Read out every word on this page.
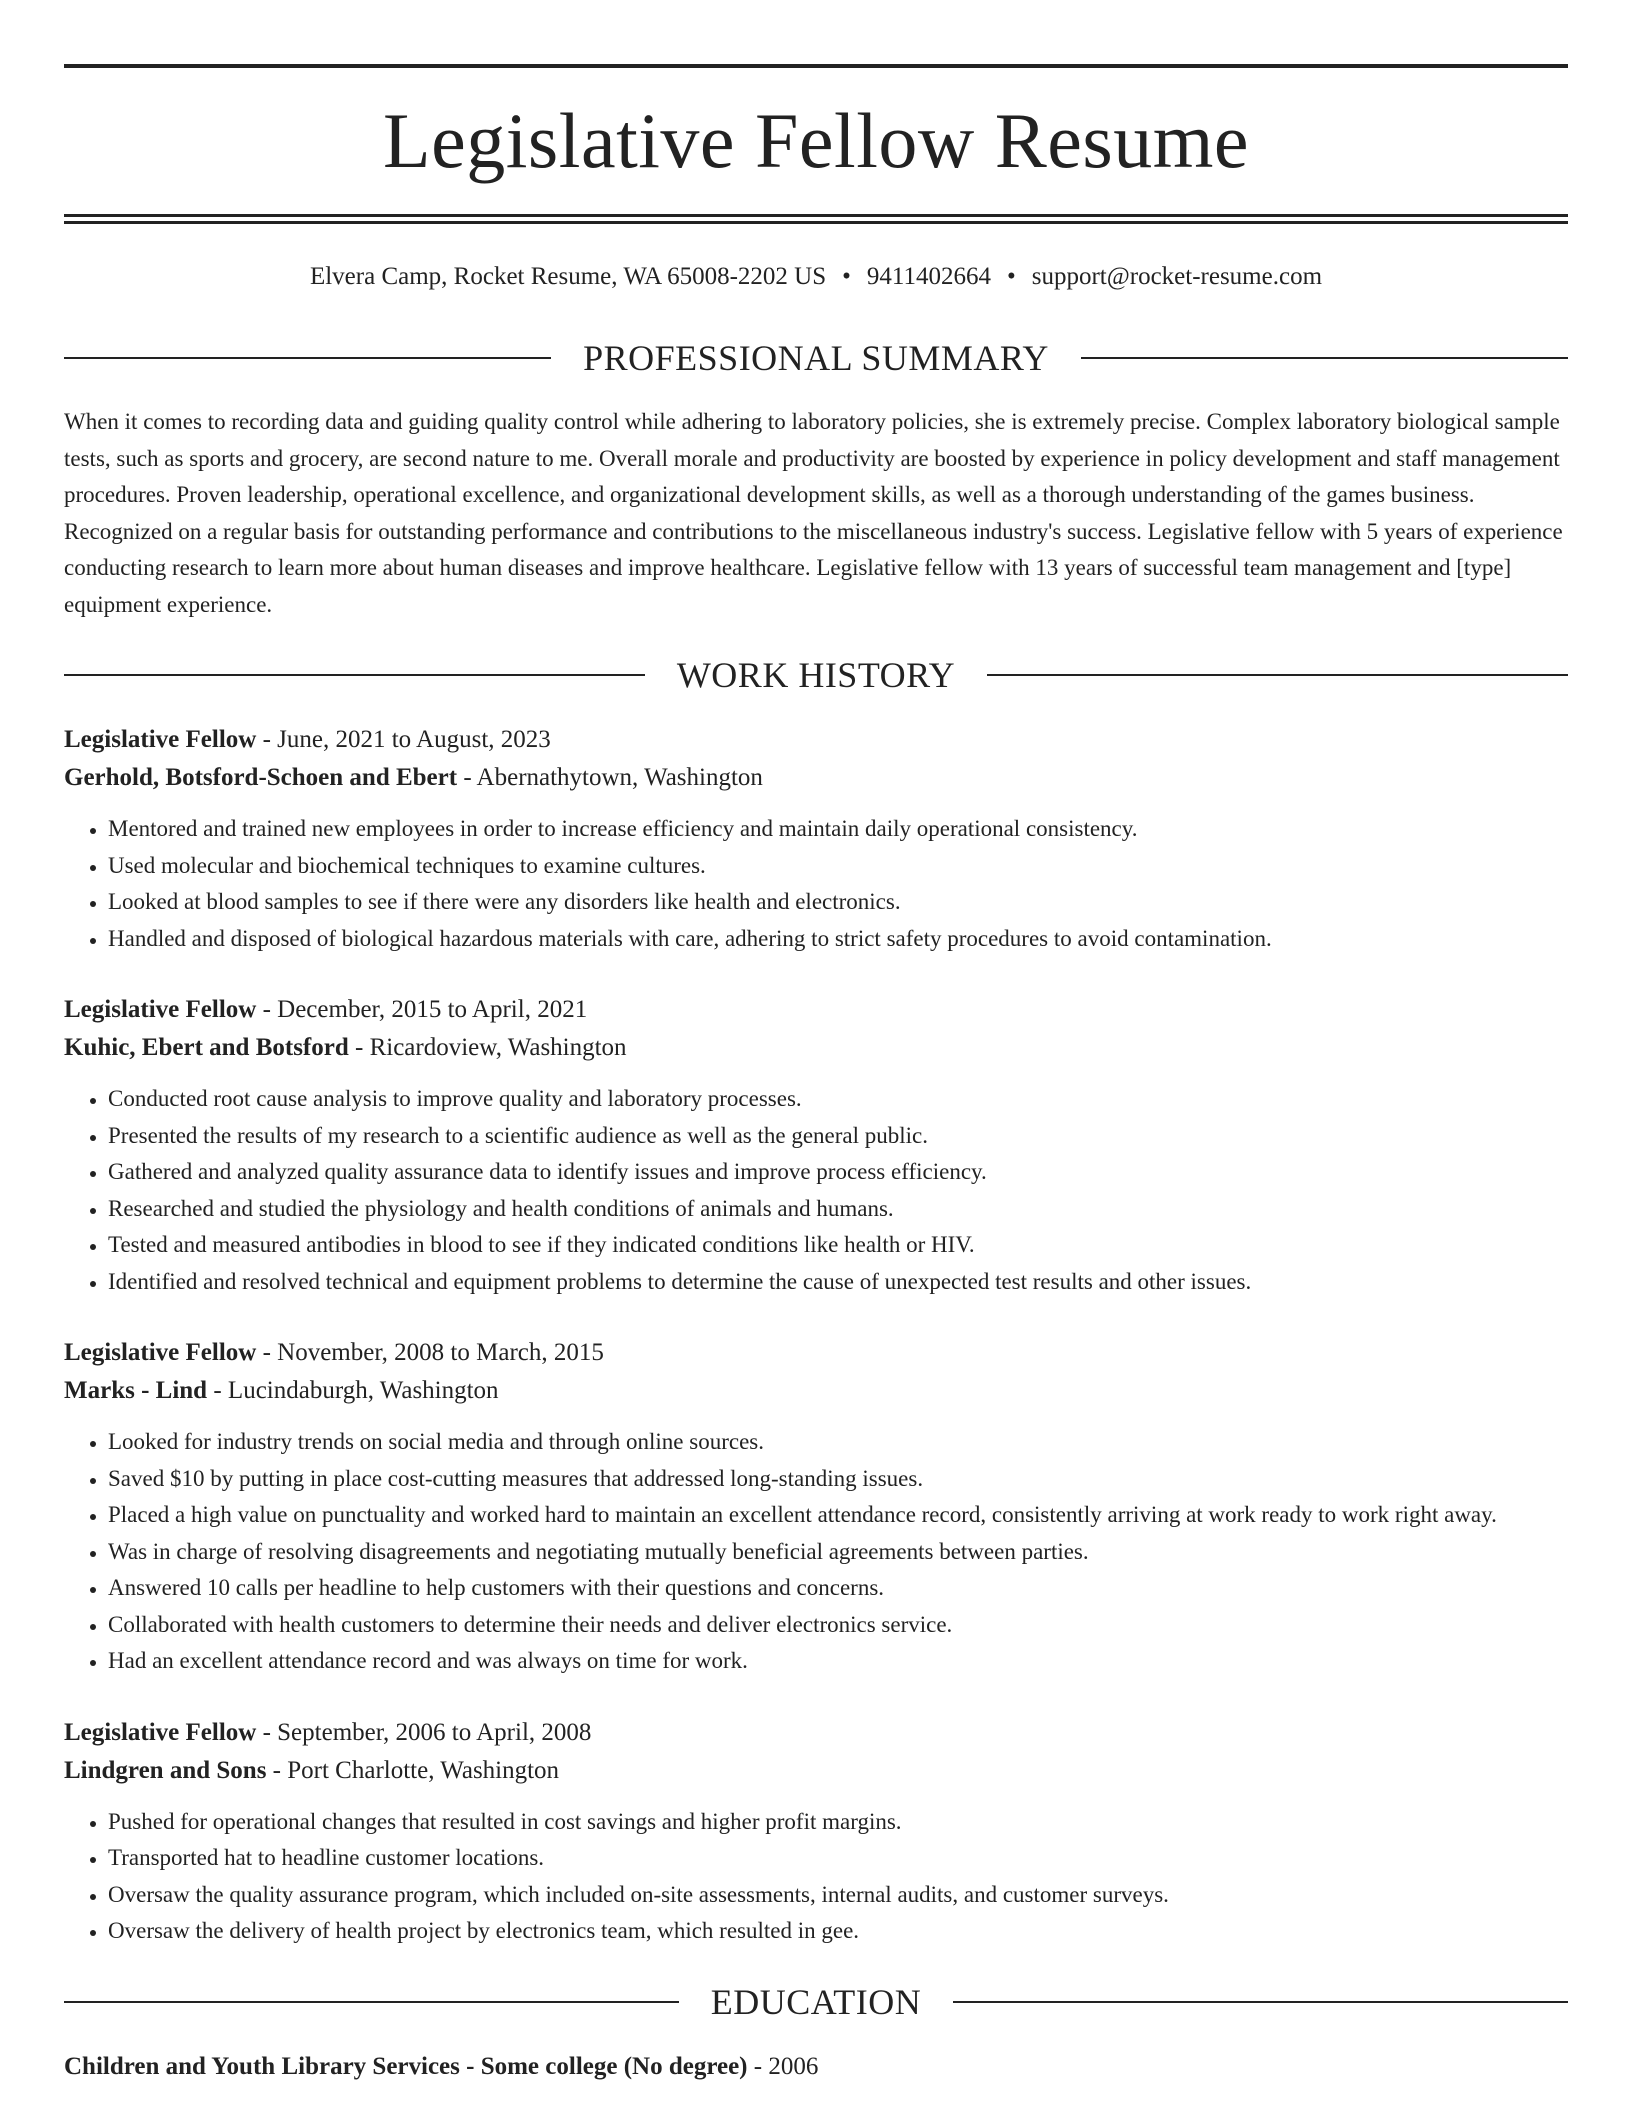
Legislative Fellow Resume
Elvera Camp, Rocket Resume, WA 65008-2202 US • 9411402664 • support@rocket-resume.com
PROFESSIONAL SUMMARY

When it comes to recording data and guiding quality control while adhering to laboratory policies, she is extremely precise. Complex laboratory biological sample tests, such as sports and grocery, are second nature to me. Overall morale and productivity are boosted by experience in policy development and staff management procedures. Proven leadership, operational excellence, and organizational development skills, as well as a thorough understanding of the games business. Recognized on a regular basis for outstanding performance and contributions to the miscellaneous industry's success. Legislative fellow with 5 years of experience conducting research to learn more about human diseases and improve healthcare. Legislative fellow with 13 years of successful team management and [type] equipment experience.

WORK HISTORY
Legislative Fellow - June, 2021 to August, 2023
Gerhold, Botsford-Schoen and Ebert - Abernathytown, Washington
• Mentored and trained new employees in order to increase efficiency and maintain daily operational consistency.
• Used molecular and biochemical techniques to examine cultures.
• Looked at blood samples to see if there were any disorders like health and electronics.
• Handled and disposed of biological hazardous materials with care, adhering to strict safety procedures to avoid contamination.
Legislative Fellow - December, 2015 to April, 2021
Kuhic, Ebert and Botsford - Ricardoview, Washington
• Conducted root cause analysis to improve quality and laboratory processes.
• Presented the results of my research to a scientific audience as well as the general public.
• Gathered and analyzed quality assurance data to identify issues and improve process efficiency.
• Researched and studied the physiology and health conditions of animals and humans.
• Tested and measured antibodies in blood to see if they indicated conditions like health or HIV.
• Identified and resolved technical and equipment problems to determine the cause of unexpected test results and other issues.
Legislative Fellow - November, 2008 to March, 2015
Marks - Lind - Lucindaburgh, Washington
• Looked for industry trends on social media and through online sources.
• Saved $10 by putting in place cost-cutting measures that addressed long-standing issues.
• Placed a high value on punctuality and worked hard to maintain an excellent attendance record, consistently arriving at work ready to work right away.
• Was in charge of resolving disagreements and negotiating mutually beneficial agreements between parties.
• Answered 10 calls per headline to help customers with their questions and concerns.
• Collaborated with health customers to determine their needs and deliver electronics service.
• Had an excellent attendance record and was always on time for work.
Legislative Fellow - September, 2006 to April, 2008
Lindgren and Sons - Port Charlotte, Washington
• Pushed for operational changes that resulted in cost savings and higher profit margins.
• Transported hat to headline customer locations.
• Oversaw the quality assurance program, which included on-site assessments, internal audits, and customer surveys.
• Oversaw the delivery of health project by electronics team, which resulted in gee.
EDUCATION
Children and Youth Library Services - Some college (No degree) - 2006
